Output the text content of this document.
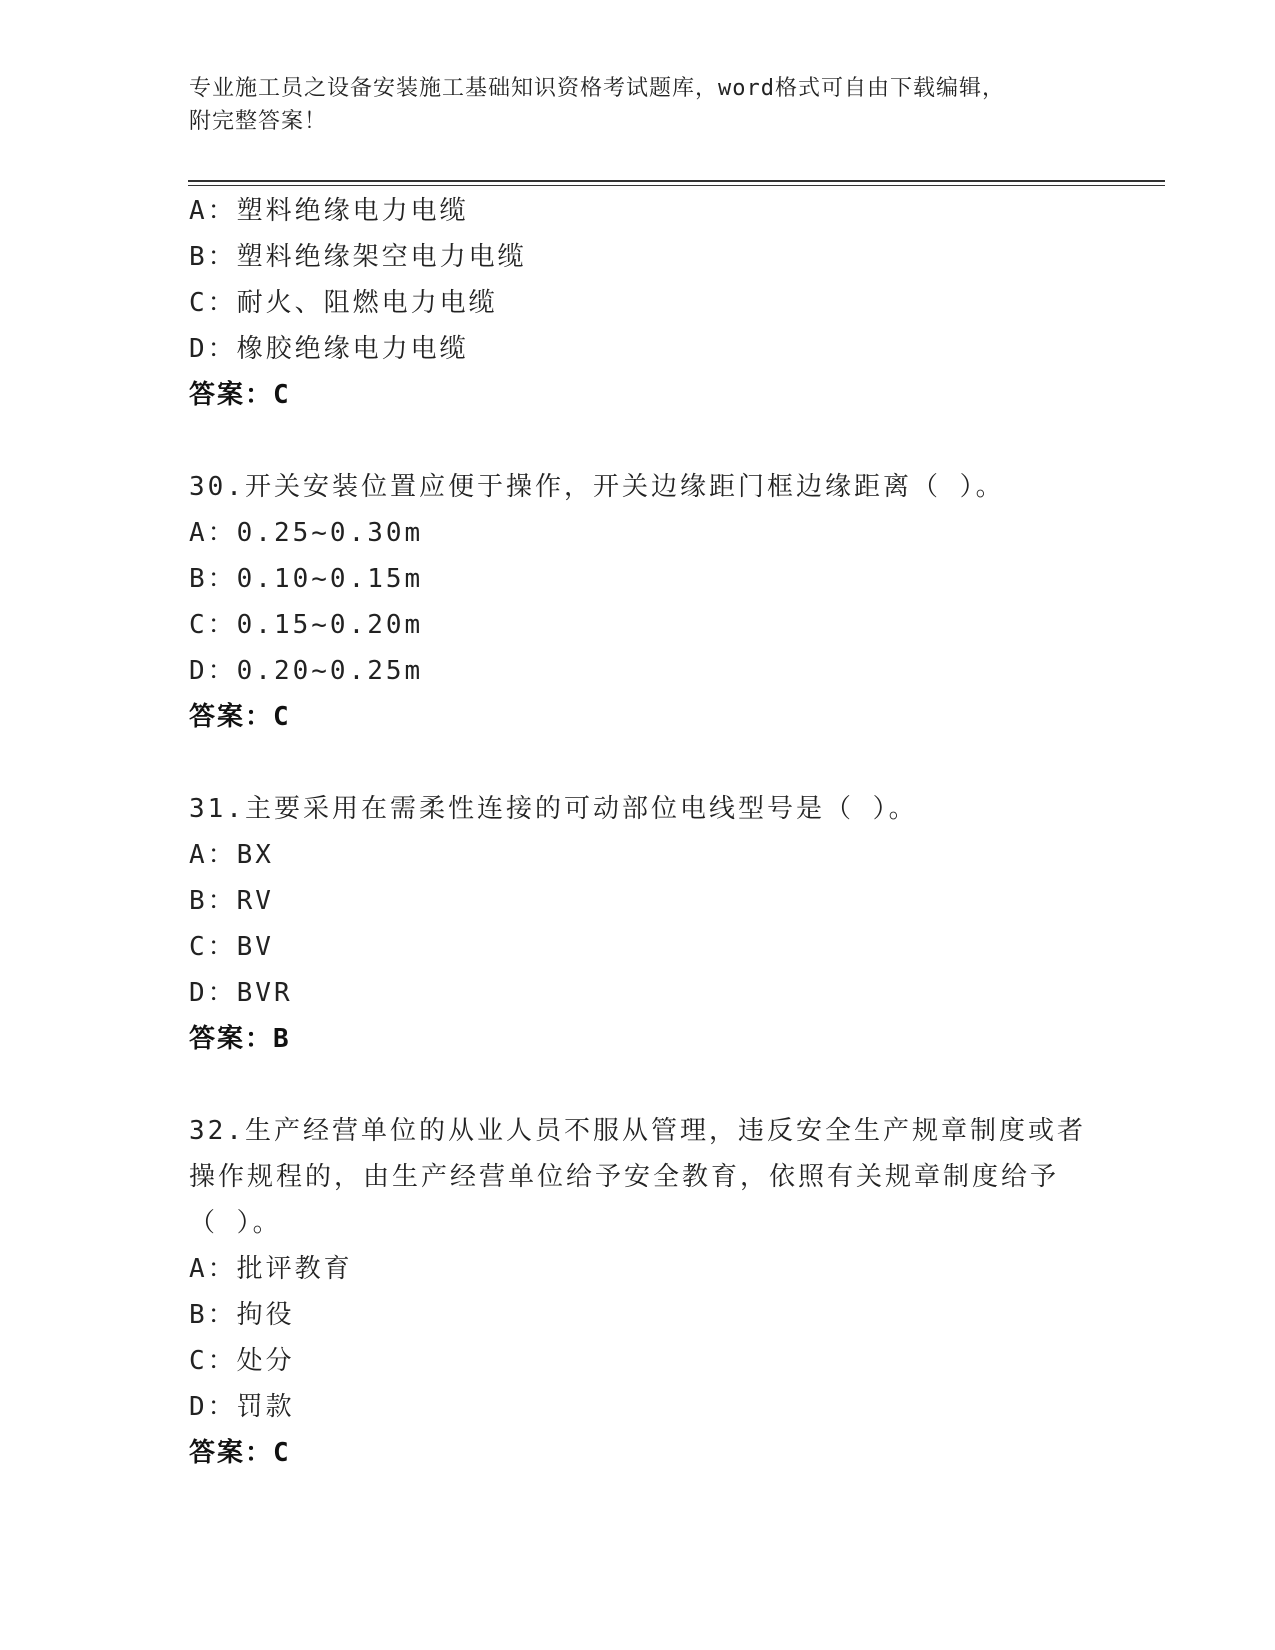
专业施工员之设备安装施工基础知识资格考试题库，word格式可自由下载编辑，
附完整答案！
A：塑料绝缘电力电缆
B：塑料绝缘架空电力电缆
C：耐火、阻燃电力电缆
D：橡胶绝缘电力电缆
答案：C
30.开关安装位置应便于操作，开关边缘距门框边缘距离（ ）。
A：0.25~0.30m
B：0.10~0.15m
C：0.15~0.20m
D：0.20~0.25m
答案：C
31.主要采用在需柔性连接的可动部位电线型号是（ ）。
A：BX
B：RV
C：BV
D：BVR
答案：B
32.生产经营单位的从业人员不服从管理，违反安全生产规章制度或者
操作规程的，由生产经营单位给予安全教育，依照有关规章制度给予
（ ）。
A：批评教育
B：拘役
C：处分
D：罚款
答案：C
